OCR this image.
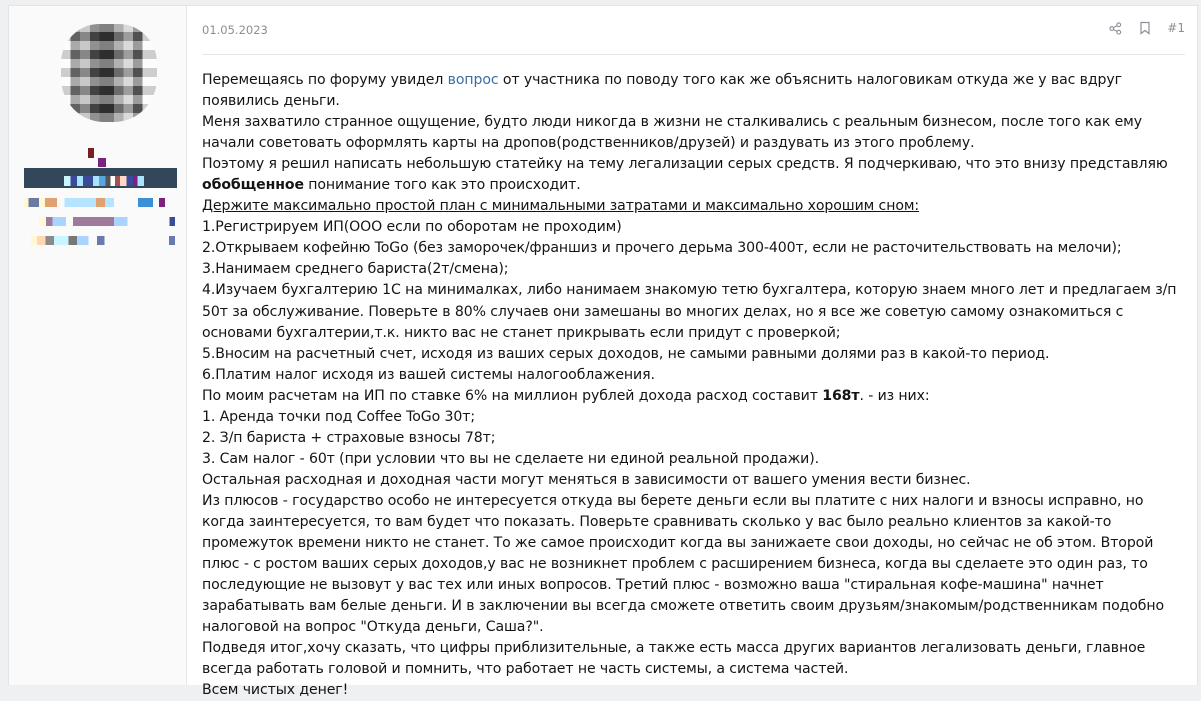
01.05.2023	#1

Перемещаясь по форуму увидел вопрос от участника по поводу того как же объяснить налоговикам откуда же у вас вдруг появились деньги.

Меня захватило странное ощущение, будто люди никогда в жизни не сталкивались с реальным бизнесом, после того как ему начали советовать оформлять карты на дропов(родственников/друзей) и раздувать из этого проблему.

Поэтому я решил написать небольшую статейку на тему легализации серых средств. Я подчеркиваю, что это внизу представляю обобщенное понимание того как это происходит.

Держите максимально простой план с минимальными затратами и максимально хорошим сном:

1.Регистрируем ИП(ООО если по оборотам не проходим)

2.Открываем кофейню ToGo (без заморочек/франшиз и прочего дерьма 300-400т, если не расточительствовать на мелочи);

3.Нанимаем среднего бариста(2т/смена);

4.Изучаем бухгалтерию 1С на минималках, либо нанимаем знакомую тетю бухгалтера, которую знаем много лет и предлагаем з/п 50т за обслуживание. Поверьте в 80% случаев они замешаны во многих делах, но я все же советую самому ознакомиться с основами бухгалтерии,т.к. никто вас не станет прикрывать если придут с проверкой;

5.Вносим на расчетный счет, исходя из ваших серых доходов, не самыми равными долями раз в какой-то период.

6.Платим налог исходя из вашей системы налогооблажения.

По моим расчетам на ИП по ставке 6% на миллион рублей дохода расход составит 168т. - из них:

1. Аренда точки под Coffee ToGo 30т;

2. З/п бариста + страховые взносы 78т;

3. Сам налог - 60т (при условии что вы не сделаете ни единой реальной продажи).

Остальная расходная и доходная части могут меняться в зависимости от вашего умения вести бизнес.

Из плюсов - государство особо не интересуется откуда вы берете деньги если вы платите с них налоги и взносы исправно, но когда заинтересуется, то вам будет что показать. Поверьте сравнивать сколько у вас было реально клиентов за какой-то промежуток времени никто не станет. То же самое происходит когда вы занижаете свои доходы, но сейчас не об этом. Второй плюс - с ростом ваших серых доходов,у вас не возникнет проблем с расширением бизнеса, когда вы сделаете это один раз, то последующие не вызовут у вас тех или иных вопросов. Третий плюс - возможно ваша "стиральная кофе-машина" начнет зарабатывать вам белые деньги. И в заключении вы всегда сможете ответить своим друзьям/знакомым/родственникам подобно налоговой на вопрос "Откуда деньги, Саша?".

Подведя итог,хочу сказать, что цифры приблизительные, а также есть масса других вариантов легализовать деньги, главное всегда работать головой и помнить, что работает не часть системы, а система частей.

Всем чистых денег!
